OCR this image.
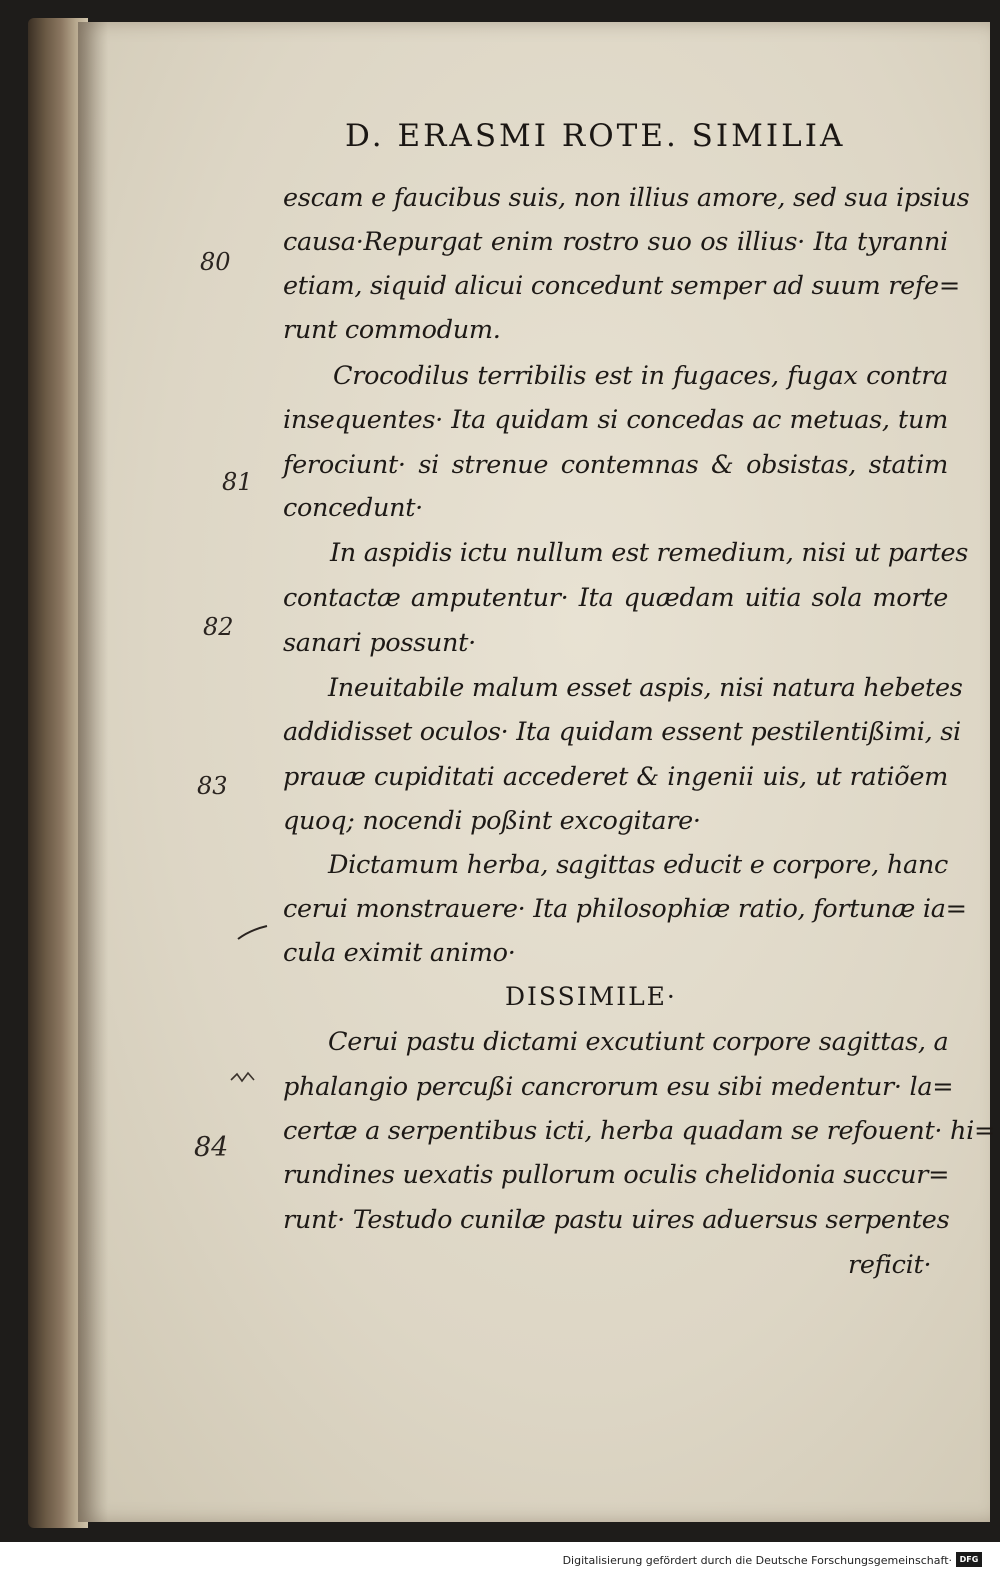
D. ERASMI ROTE. SIMILIA
escam e faucibus suis, non illius amore, sed sua ipsius
causa·Repurgat enim rostro suo os illius· Ita tyranni
etiam, siquid alicui concedunt semper ad suum refe=
runt commodum.
Crocodilus terribilis est in fugaces, fugax contra
insequentes· Ita quidam si concedas ac metuas, tum
ferociunt· si strenue contemnas & obsistas, statim
concedunt·
In aspidis ictu nullum est remedium, nisi ut partes
contactæ amputentur· Ita quædam uitia sola morte
sanari possunt·
Ineuitabile malum esset aspis, nisi natura hebetes
addidisset oculos· Ita quidam essent pestilentißimi, si
prauæ cupiditati accederet & ingenii uis, ut ratiõem
quoq; nocendi poßint excogitare·
Dictamum herba, sagittas educit e corpore, hanc
cerui monstrauere· Ita philosophiæ ratio, fortunæ ia=
cula eximit animo·
DISSIMILE·
Cerui pastu dictami excutiunt corpore sagittas, a
phalangio percußi cancrorum esu sibi medentur· la=
certæ a serpentibus icti, herba quadam se refouent· hi=
rundines uexatis pullorum oculis chelidonia succur=
runt· Testudo cunilæ pastu uires aduersus serpentes
reficit·
80
81
82
83
84
Digitalisierung gefördert durch die Deutsche Forschungsgemeinschaft· DFG
